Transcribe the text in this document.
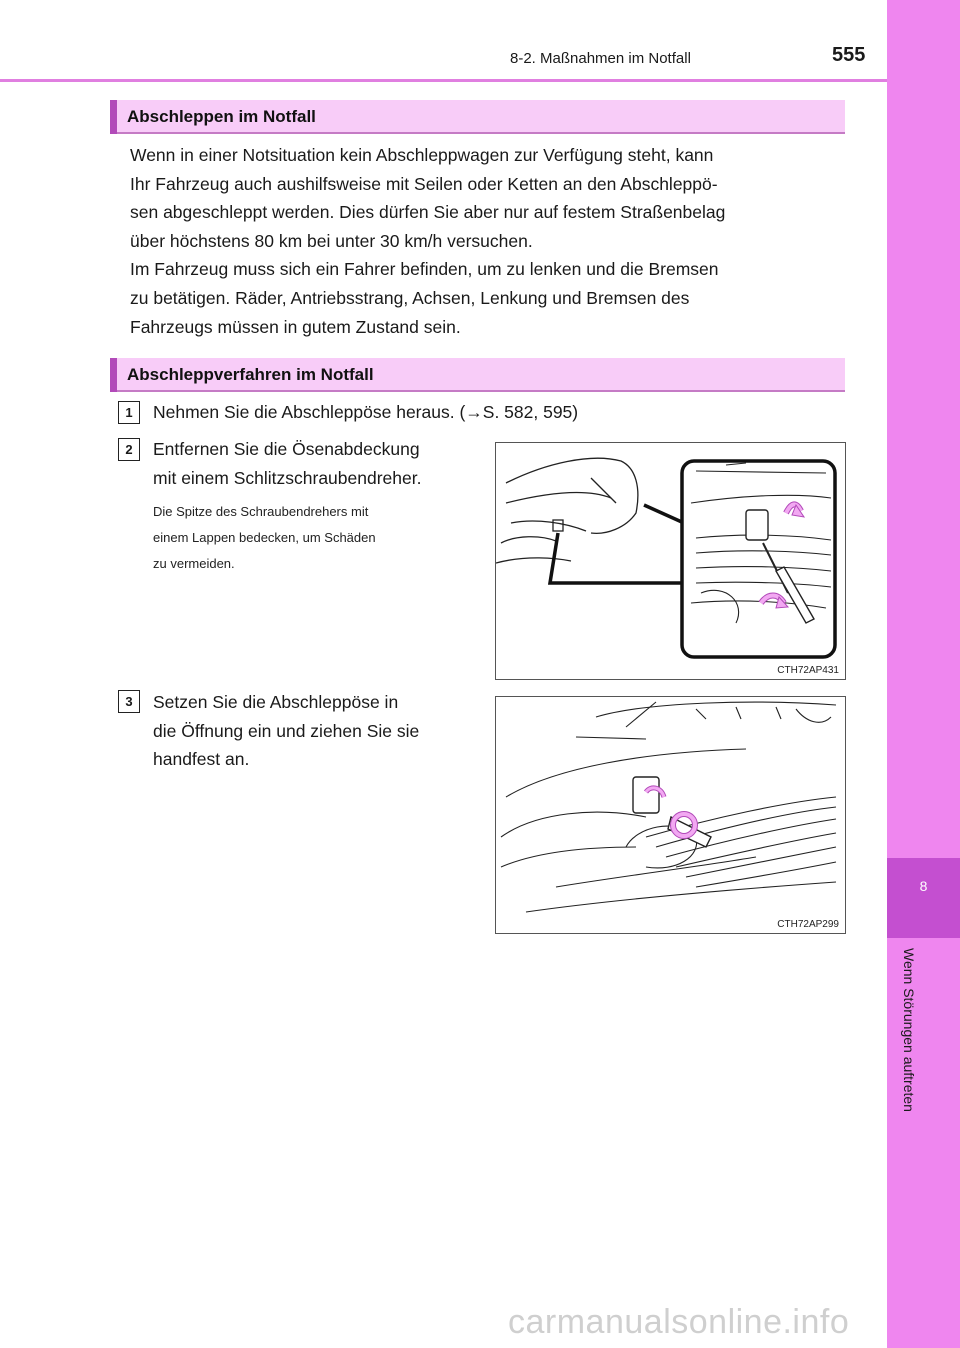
8
Wenn Störungen auftreten
8-2. Maßnahmen im Notfall	555
Abschleppen im Notfall
Wenn in einer Notsituation kein Abschleppwagen zur Verfügung steht, kann
Ihr Fahrzeug auch aushilfsweise mit Seilen oder Ketten an den Abschleppö-
sen abgeschleppt werden. Dies dürfen Sie aber nur auf festem Straßenbelag
über höchstens 80 km bei unter 30 km/h versuchen.
Im Fahrzeug muss sich ein Fahrer befinden, um zu lenken und die Bremsen
zu betätigen. Räder, Antriebsstrang, Achsen, Lenkung und Bremsen des
Fahrzeugs müssen in gutem Zustand sein.
Abschleppverfahren im Notfall
1	Nehmen Sie die Abschleppöse heraus. (→S. 582, 595)
2	Entfernen Sie die Ösenabdeckung
mit einem Schlitzschraubendreher.
Die Spitze des Schraubendrehers mit
einem Lappen bedecken, um Schäden
zu vermeiden.
CTH72AP431
3	Setzen Sie die Abschleppöse in
die Öffnung ein und ziehen Sie sie
handfest an.
CTH72AP299
carmanualsonline.info
